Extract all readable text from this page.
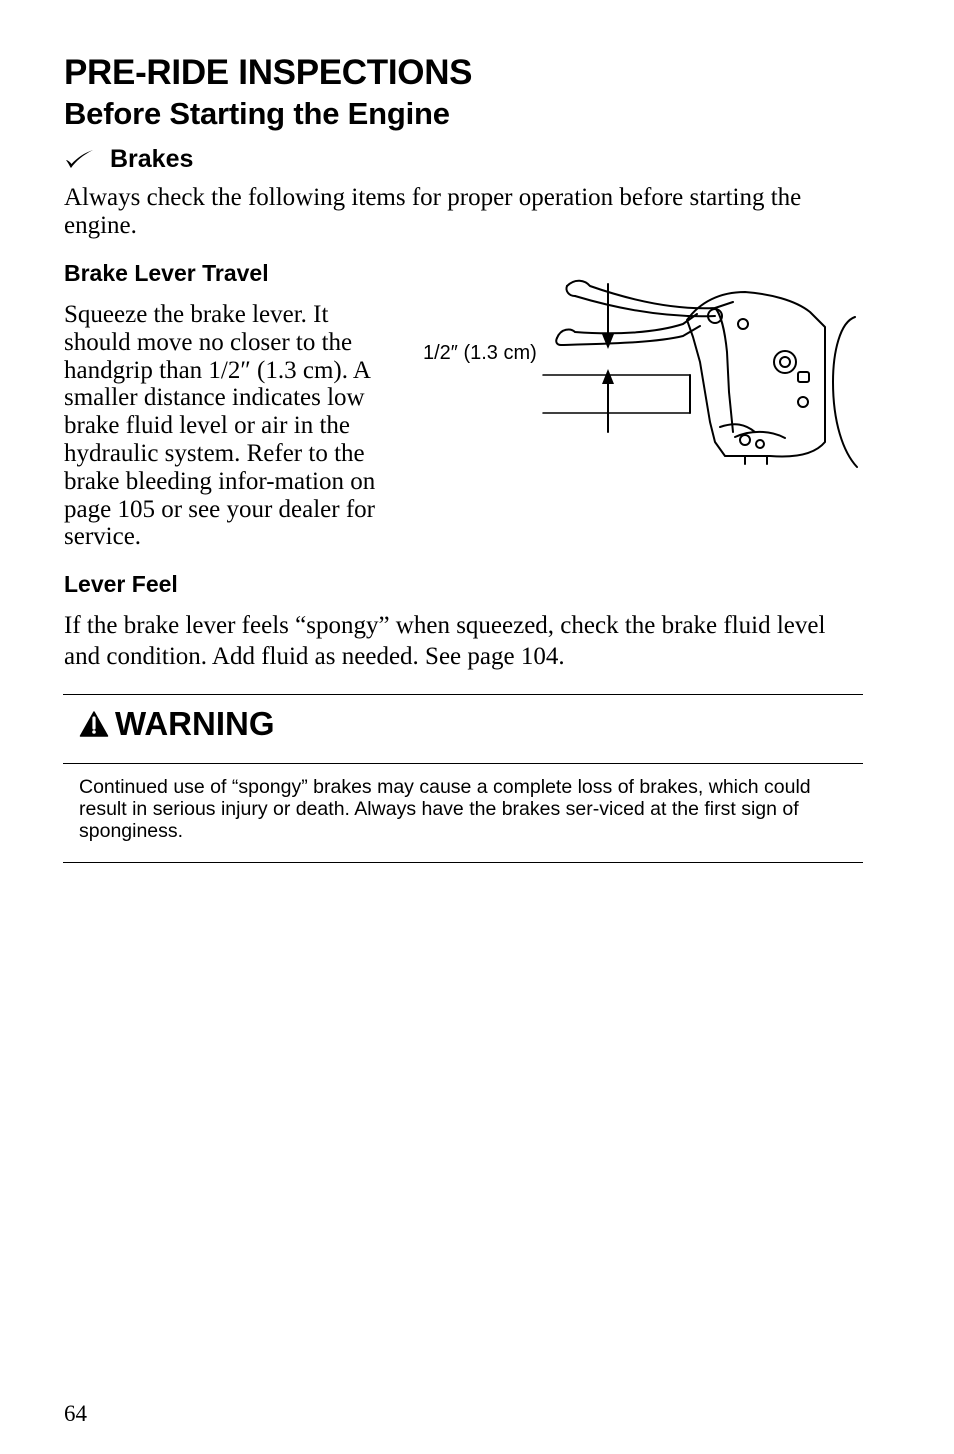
PRE-RIDE INSPECTIONS
Before Starting the Engine
Brakes

Always check the following items for proper operation before starting the engine.

Brake Lever Travel

Squeeze the brake lever. It should move no closer to the handgrip than 1/2″ (1.3 cm). A smaller distance indicates low brake fluid level or air in the hydraulic system. Refer to the brake bleeding infor-mation on page 105 or see your dealer for service.

1/2″ (1.3 cm)
Lever Feel

If the brake lever feels “spongy” when squeezed, check the brake fluid level and condition. Add fluid as needed. See page 104.

WARNING

Continued use of “spongy” brakes may cause a complete loss of brakes, which could result in serious injury or death. Always have the brakes ser-viced at the first sign of sponginess.

64
